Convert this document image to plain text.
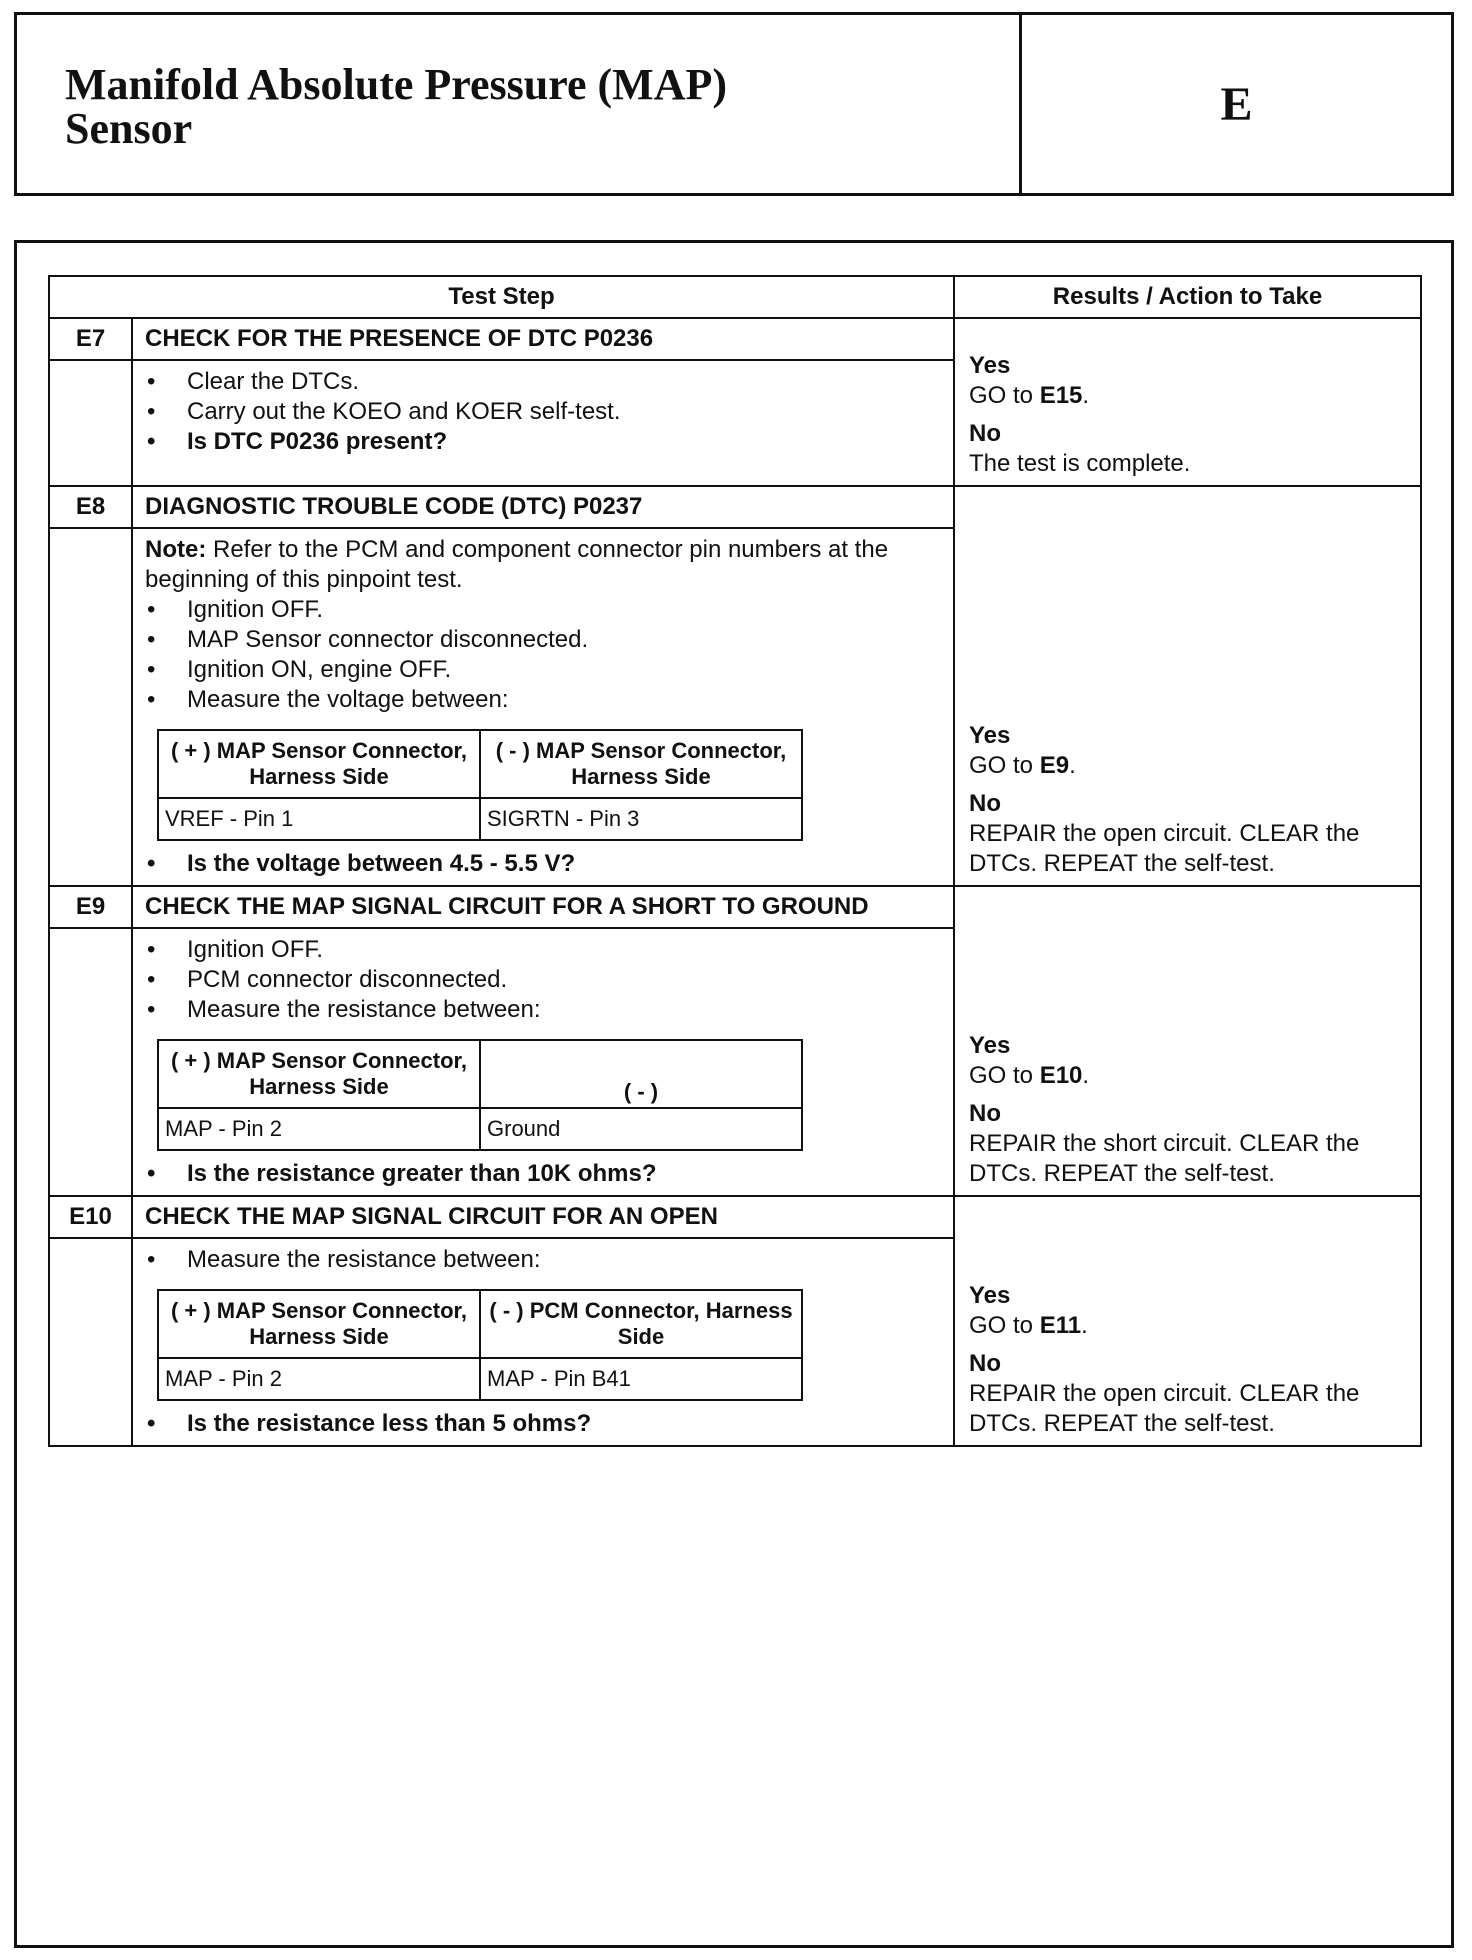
Manifold Absolute Pressure (MAP)
Sensor	E
Test Step	Results / Action to Take
E7	CHECK FOR THE PRESENCE OF DTC P0236	
Yes
GO to E15.
No
The test is complete.

• Clear the DTCs.
• Carry out the KOEO and KOER self-test.
• Is DTC P0236 present?

E8	DIAGNOSTIC TROUBLE CODE (DTC) P0237	
Yes
GO to E9.
No
REPAIR the open circuit. CLEAR the DTCs. REPEAT the self-test.

Note: Refer to the PCM and component connector pin numbers at the beginning of this pinpoint test.
• Ignition OFF.
• MAP Sensor connector disconnected.
• Ignition ON, engine OFF.
• Measure the voltage between:
( + ) MAP Sensor Connector, Harness Side	( - ) MAP Sensor Connector, Harness Side
VREF - Pin 1	SIGRTN - Pin 3
• Is the voltage between 4.5 - 5.5 V?

E9	CHECK THE MAP SIGNAL CIRCUIT FOR A SHORT TO GROUND	
Yes
GO to E10.
No
REPAIR the short circuit. CLEAR the DTCs. REPEAT the self-test.

• Ignition OFF.
• PCM connector disconnected.
• Measure the resistance between:
( + ) MAP Sensor Connector, Harness Side	( - )
MAP - Pin 2	Ground
• Is the resistance greater than 10K ohms?

E10	CHECK THE MAP SIGNAL CIRCUIT FOR AN OPEN	
Yes
GO to E11.
No
REPAIR the open circuit. CLEAR the DTCs. REPEAT the self-test.

• Measure the resistance between:
( + ) MAP Sensor Connector, Harness Side	( - ) PCM Connector, Harness Side
MAP - Pin 2	MAP - Pin B41
• Is the resistance less than 5 ohms?
